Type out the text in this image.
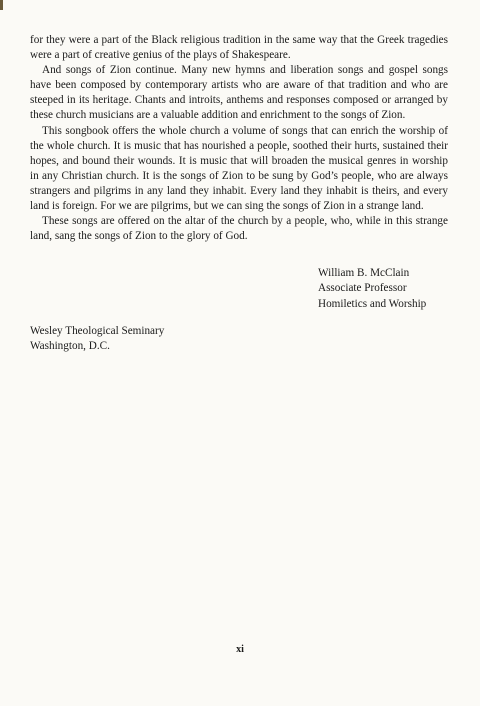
for they were a part of the Black religious tradition in the same way that the Greek tragedies were a part of creative genius of the plays of Shakespeare.

And songs of Zion continue. Many new hymns and liberation songs and gospel songs have been composed by contemporary artists who are aware of that tradition and who are steeped in its heritage. Chants and introits, anthems and responses composed or arranged by these church musicians are a valuable addition and enrichment to the songs of Zion.

This songbook offers the whole church a volume of songs that can enrich the worship of the whole church. It is music that has nourished a people, soothed their hurts, sustained their hopes, and bound their wounds. It is music that will broaden the musical genres in worship in any Christian church. It is the songs of Zion to be sung by God’s people, who are always strangers and pilgrims in any land they inhabit. Every land they inhabit is theirs, and every land is foreign. For we are pilgrims, but we can sing the songs of Zion in a strange land.

These songs are offered on the altar of the church by a people, who, while in this strange land, sang the songs of Zion to the glory of God.

William B. McClain
Associate Professor
Homiletics and Worship
Wesley Theological Seminary
Washington, D.C.
xi
